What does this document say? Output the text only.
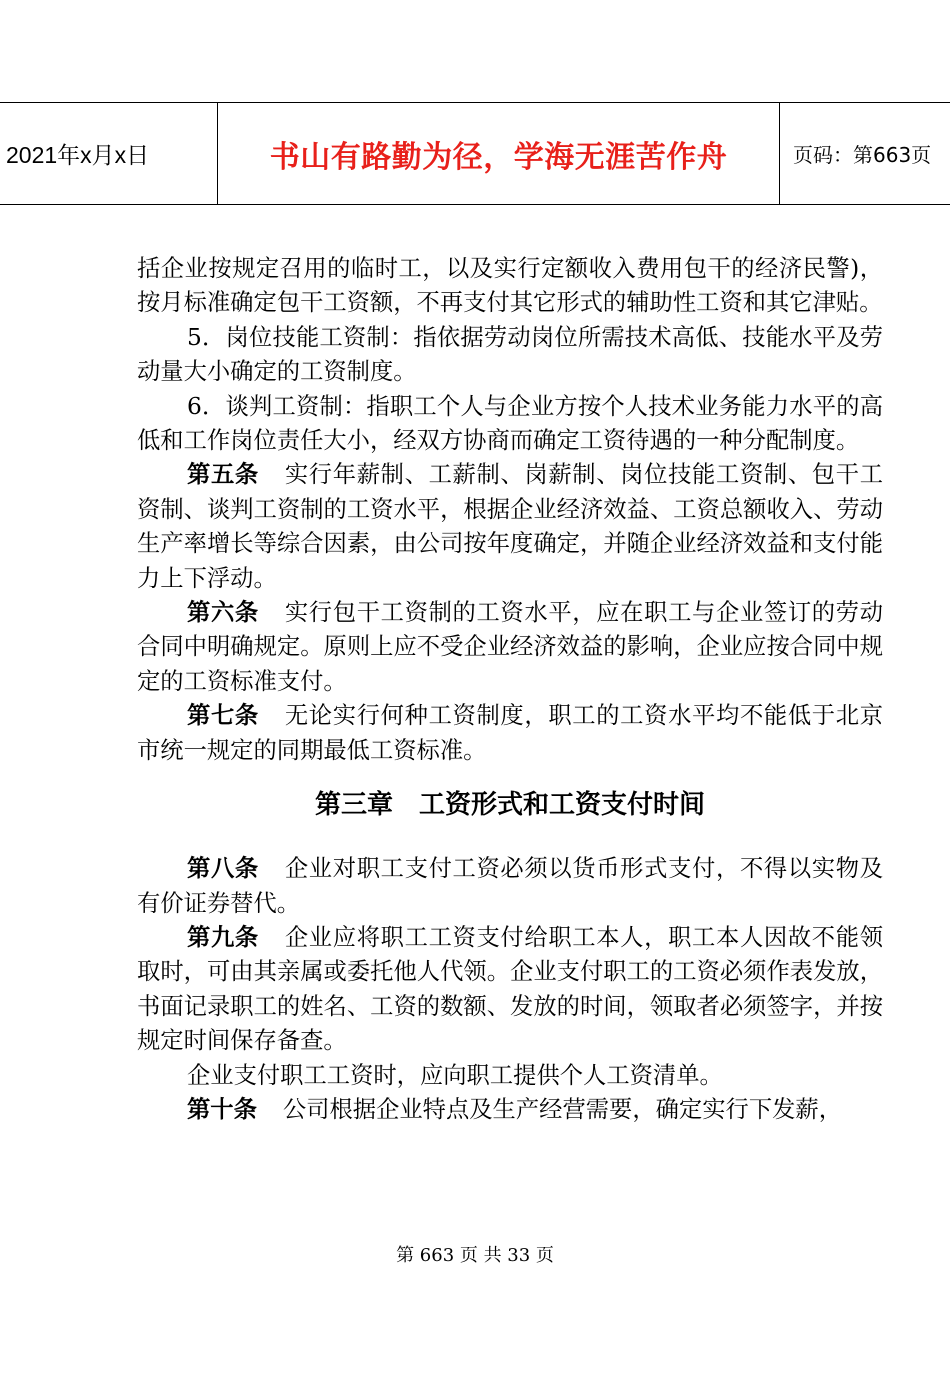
2021年x月x日	书山有路勤为径，学海无涯苦作舟	页码：第663页

括企业按规定召用的临时工，以及实行定额收入费用包干的经济民警)，按月标准确定包干工资额，不再支付其它形式的辅助性工资和其它津贴。

5．岗位技能工资制：指依据劳动岗位所需技术高低、技能水平及劳动量大小确定的工资制度。

6．谈判工资制：指职工个人与企业方按个人技术业务能力水平的高低和工作岗位责任大小，经双方协商而确定工资待遇的一种分配制度。

第五条 实行年薪制、工薪制、岗薪制、岗位技能工资制、包干工资制、谈判工资制的工资水平，根据企业经济效益、工资总额收入、劳动生产率增长等综合因素，由公司按年度确定，并随企业经济效益和支付能力上下浮动。

第六条 实行包干工资制的工资水平，应在职工与企业签订的劳动合同中明确规定。原则上应不受企业经济效益的影响，企业应按合同中规定的工资标准支付。

第七条 无论实行何种工资制度，职工的工资水平均不能低于北京市统一规定的同期最低工资标准。

第三章　工资形式和工资支付时间

第八条 企业对职工支付工资必须以货币形式支付，不得以实物及有价证券替代。

第九条 企业应将职工工资支付给职工本人，职工本人因故不能领取时，可由其亲属或委托他人代领。企业支付职工的工资必须作表发放，书面记录职工的姓名、工资的数额、发放的时间，领取者必须签字，并按规定时间保存备查。

企业支付职工工资时，应向职工提供个人工资清单。

第十条 公司根据企业特点及生产经营需要，确定实行下发薪，

第 663 页 共 33 页
